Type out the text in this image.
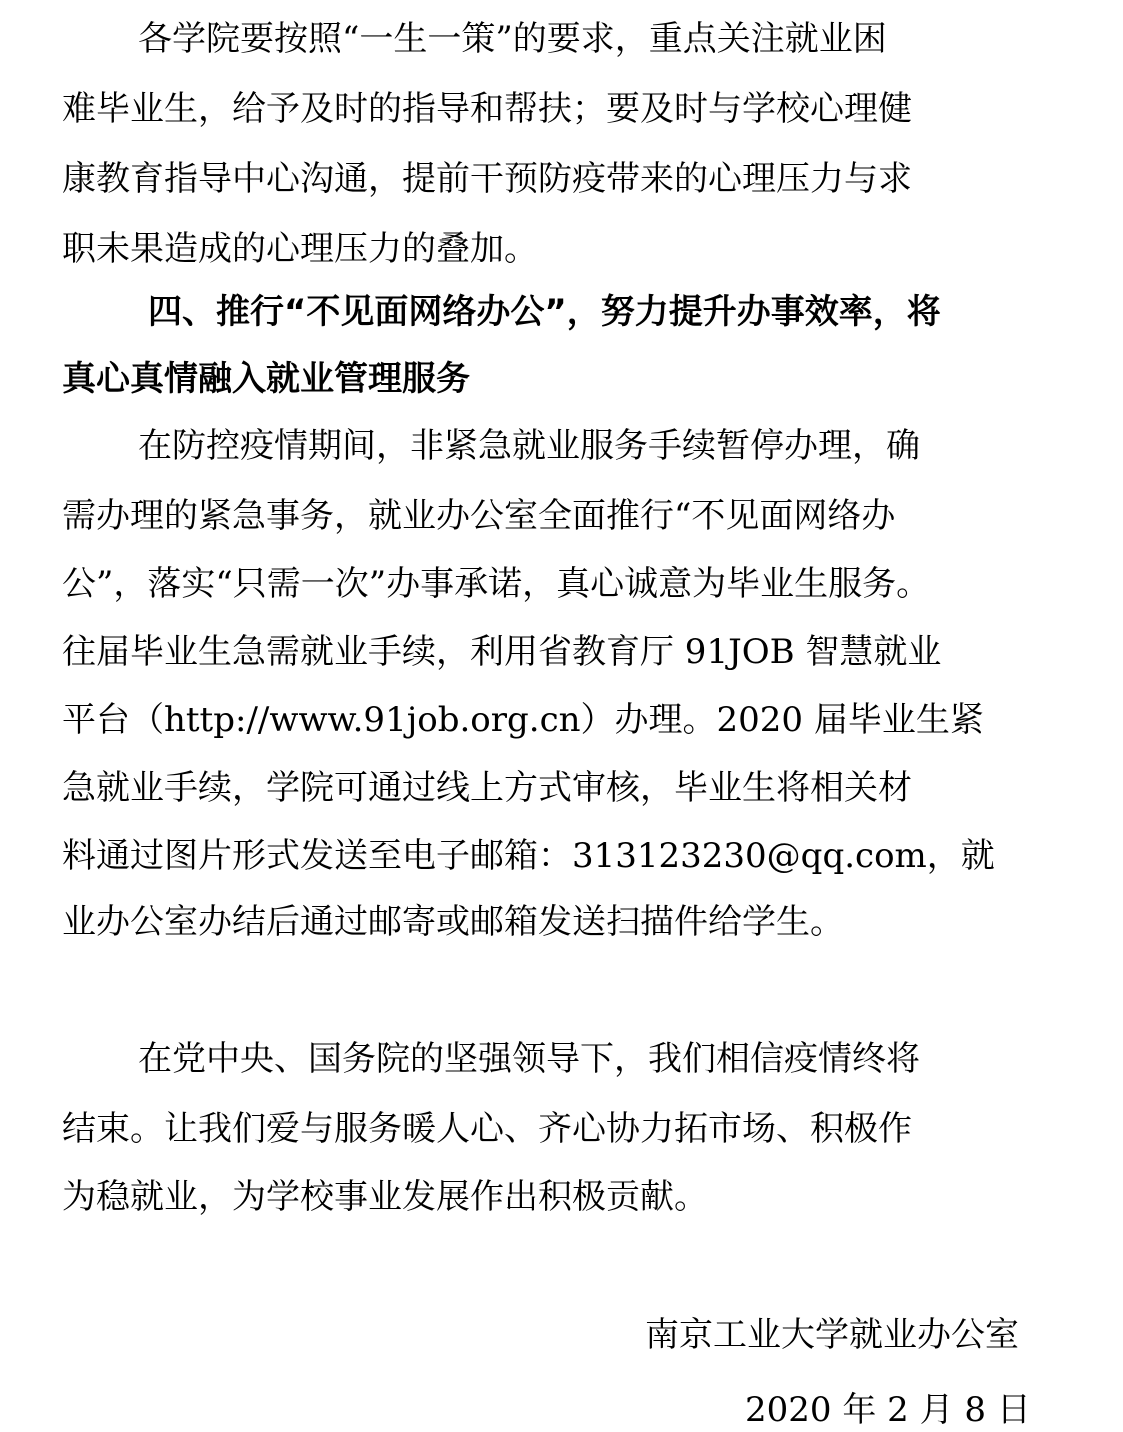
各学院要按照“一生一策”的要求，重点关注就业困
难毕业生，给予及时的指导和帮扶；要及时与学校心理健
康教育指导中心沟通，提前干预防疫带来的心理压力与求
职未果造成的心理压力的叠加。
四、推行“不见面网络办公”，努力提升办事效率，将
真心真情融入就业管理服务
在防控疫情期间，非紧急就业服务手续暂停办理，确
需办理的紧急事务，就业办公室全面推行“不见面网络办
公”，落实“只需一次”办事承诺，真心诚意为毕业生服务。
往届毕业生急需就业手续，利用省教育厅 91JOB 智慧就业
平台（http://www.91job.org.cn）办理。2020 届毕业生紧
急就业手续，学院可通过线上方式审核，毕业生将相关材
料通过图片形式发送至电子邮箱：313123230@qq.com，就
业办公室办结后通过邮寄或邮箱发送扫描件给学生。
在党中央、国务院的坚强领导下，我们相信疫情终将
结束。让我们爱与服务暖人心、齐心协力拓市场、积极作
为稳就业，为学校事业发展作出积极贡献。
南京工业大学就业办公室
2020 年 2 月 8 日
